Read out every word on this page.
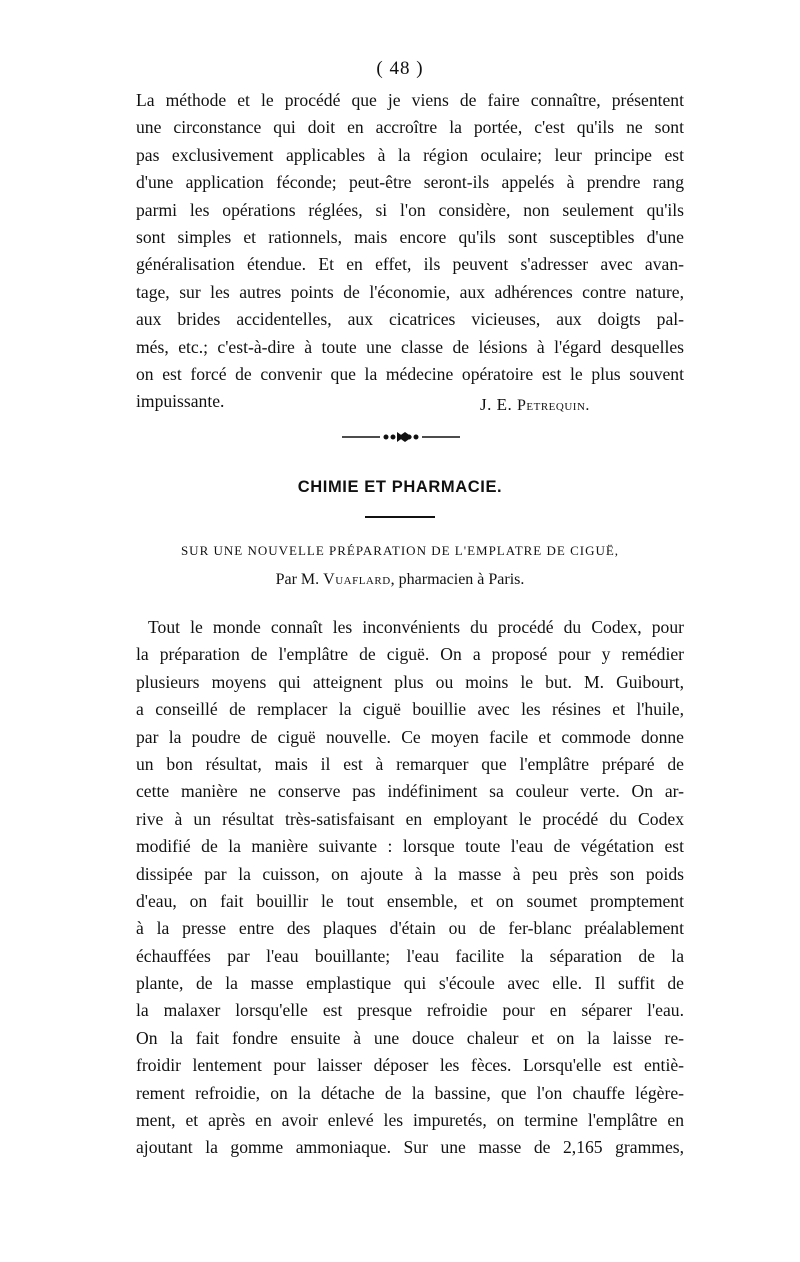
( 48 )
La méthode et le procédé que je viens de faire connaître, présentent
une circonstance qui doit en accroître la portée, c'est qu'ils ne sont
pas exclusivement applicables à la région oculaire; leur principe est
d'une application féconde; peut-être seront-ils appelés à prendre rang
parmi les opérations réglées, si l'on considère, non seulement qu'ils
sont simples et rationnels, mais encore qu'ils sont susceptibles d'une
généralisation étendue. Et en effet, ils peuvent s'adresser avec avan-
tage, sur les autres points de l'économie, aux adhérences contre nature,
aux brides accidentelles, aux cicatrices vicieuses, aux doigts pal-
més, etc.; c'est-à-dire à toute une classe de lésions à l'égard desquelles
on est forcé de convenir que la médecine opératoire est le plus souvent
impuissante.	J. E. Petrequin.
CHIMIE ET PHARMACIE.
SUR UNE NOUVELLE PRÉPARATION DE L'EMPLATRE DE CIGUË,
Par M. Vuaflard, pharmacien à Paris.
Tout le monde connaît les inconvénients du procédé du Codex, pour
la préparation de l'emplâtre de ciguë. On a proposé pour y remédier
plusieurs moyens qui atteignent plus ou moins le but. M. Guibourt,
a conseillé de remplacer la ciguë bouillie avec les résines et l'huile,
par la poudre de ciguë nouvelle. Ce moyen facile et commode donne
un bon résultat, mais il est à remarquer que l'emplâtre préparé de
cette manière ne conserve pas indéfiniment sa couleur verte. On ar-
rive à un résultat très-satisfaisant en employant le procédé du Codex
modifié de la manière suivante : lorsque toute l'eau de végétation est
dissipée par la cuisson, on ajoute à la masse à peu près son poids
d'eau, on fait bouillir le tout ensemble, et on soumet promptement
à la presse entre des plaques d'étain ou de fer-blanc préalablement
échauffées par l'eau bouillante; l'eau facilite la séparation de la
plante, de la masse emplastique qui s'écoule avec elle. Il suffit de
la malaxer lorsqu'elle est presque refroidie pour en séparer l'eau.
On la fait fondre ensuite à une douce chaleur et on la laisse re-
froidir lentement pour laisser déposer les fèces. Lorsqu'elle est entiè-
rement refroidie, on la détache de la bassine, que l'on chauffe légère-
ment, et après en avoir enlevé les impuretés, on termine l'emplâtre en
ajoutant la gomme ammoniaque. Sur une masse de 2,165 grammes,
